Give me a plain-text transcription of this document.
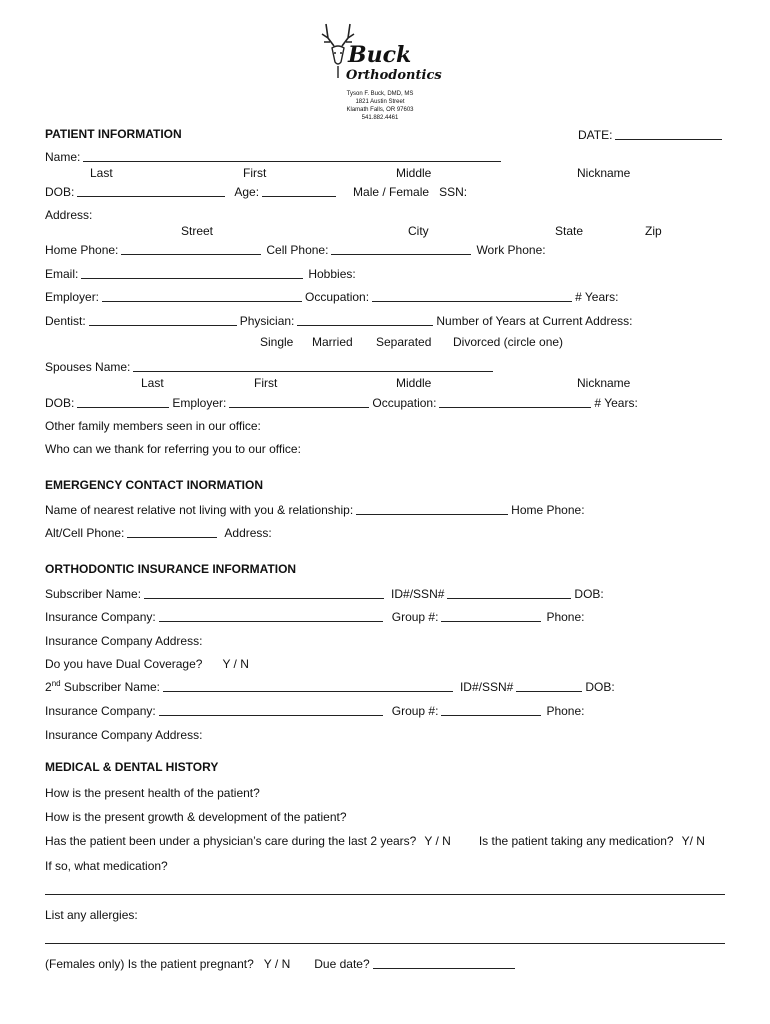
Buck
Orthodontics
Tyson F. Buck, DMD, MS
1821 Austin Street
Klamath Falls, OR 97603
541.882.4461
PATIENT INFORMATION	DATE:
Name:
Last	First	Middle	Nickname
DOB:	Age:	Male / Female SSN:
Address:
Street	City	State	Zip
Home Phone:	Cell Phone:	Work Phone:
Email:	Hobbies:
Employer:	Occupation:	# Years:
Dentist:	Physician:	Number of Years at Current Address:
Single Married Separated Divorced (circle one)
Spouses Name:
Last	First	Middle	Nickname
DOB:	Employer:	Occupation:	# Years:
Other family members seen in our office:
Who can we thank for referring you to our office:
EMERGENCY CONTACT INORMATION
Name of nearest relative not living with you & relationship:	Home Phone:
Alt/Cell Phone:	Address:
ORTHODONTIC INSURANCE INFORMATION
Subscriber Name:	ID#/SSN#	DOB:
Insurance Company:	Group #:	Phone:
Insurance Company Address:
Do you have Dual Coverage? Y / N
2nd Subscriber Name:	ID#/SSN#	DOB:
Insurance Company:	Group #:	Phone:
Insurance Company Address:
MEDICAL & DENTAL HISTORY
How is the present health of the patient?
How is the present growth & development of the patient?
Has the patient been under a physician’s care during the last 2 years? Y / N Is the patient taking any medication? Y/ N
If so, what medication?
List any allergies:
(Females only) Is the patient pregnant? Y / N Due date?
